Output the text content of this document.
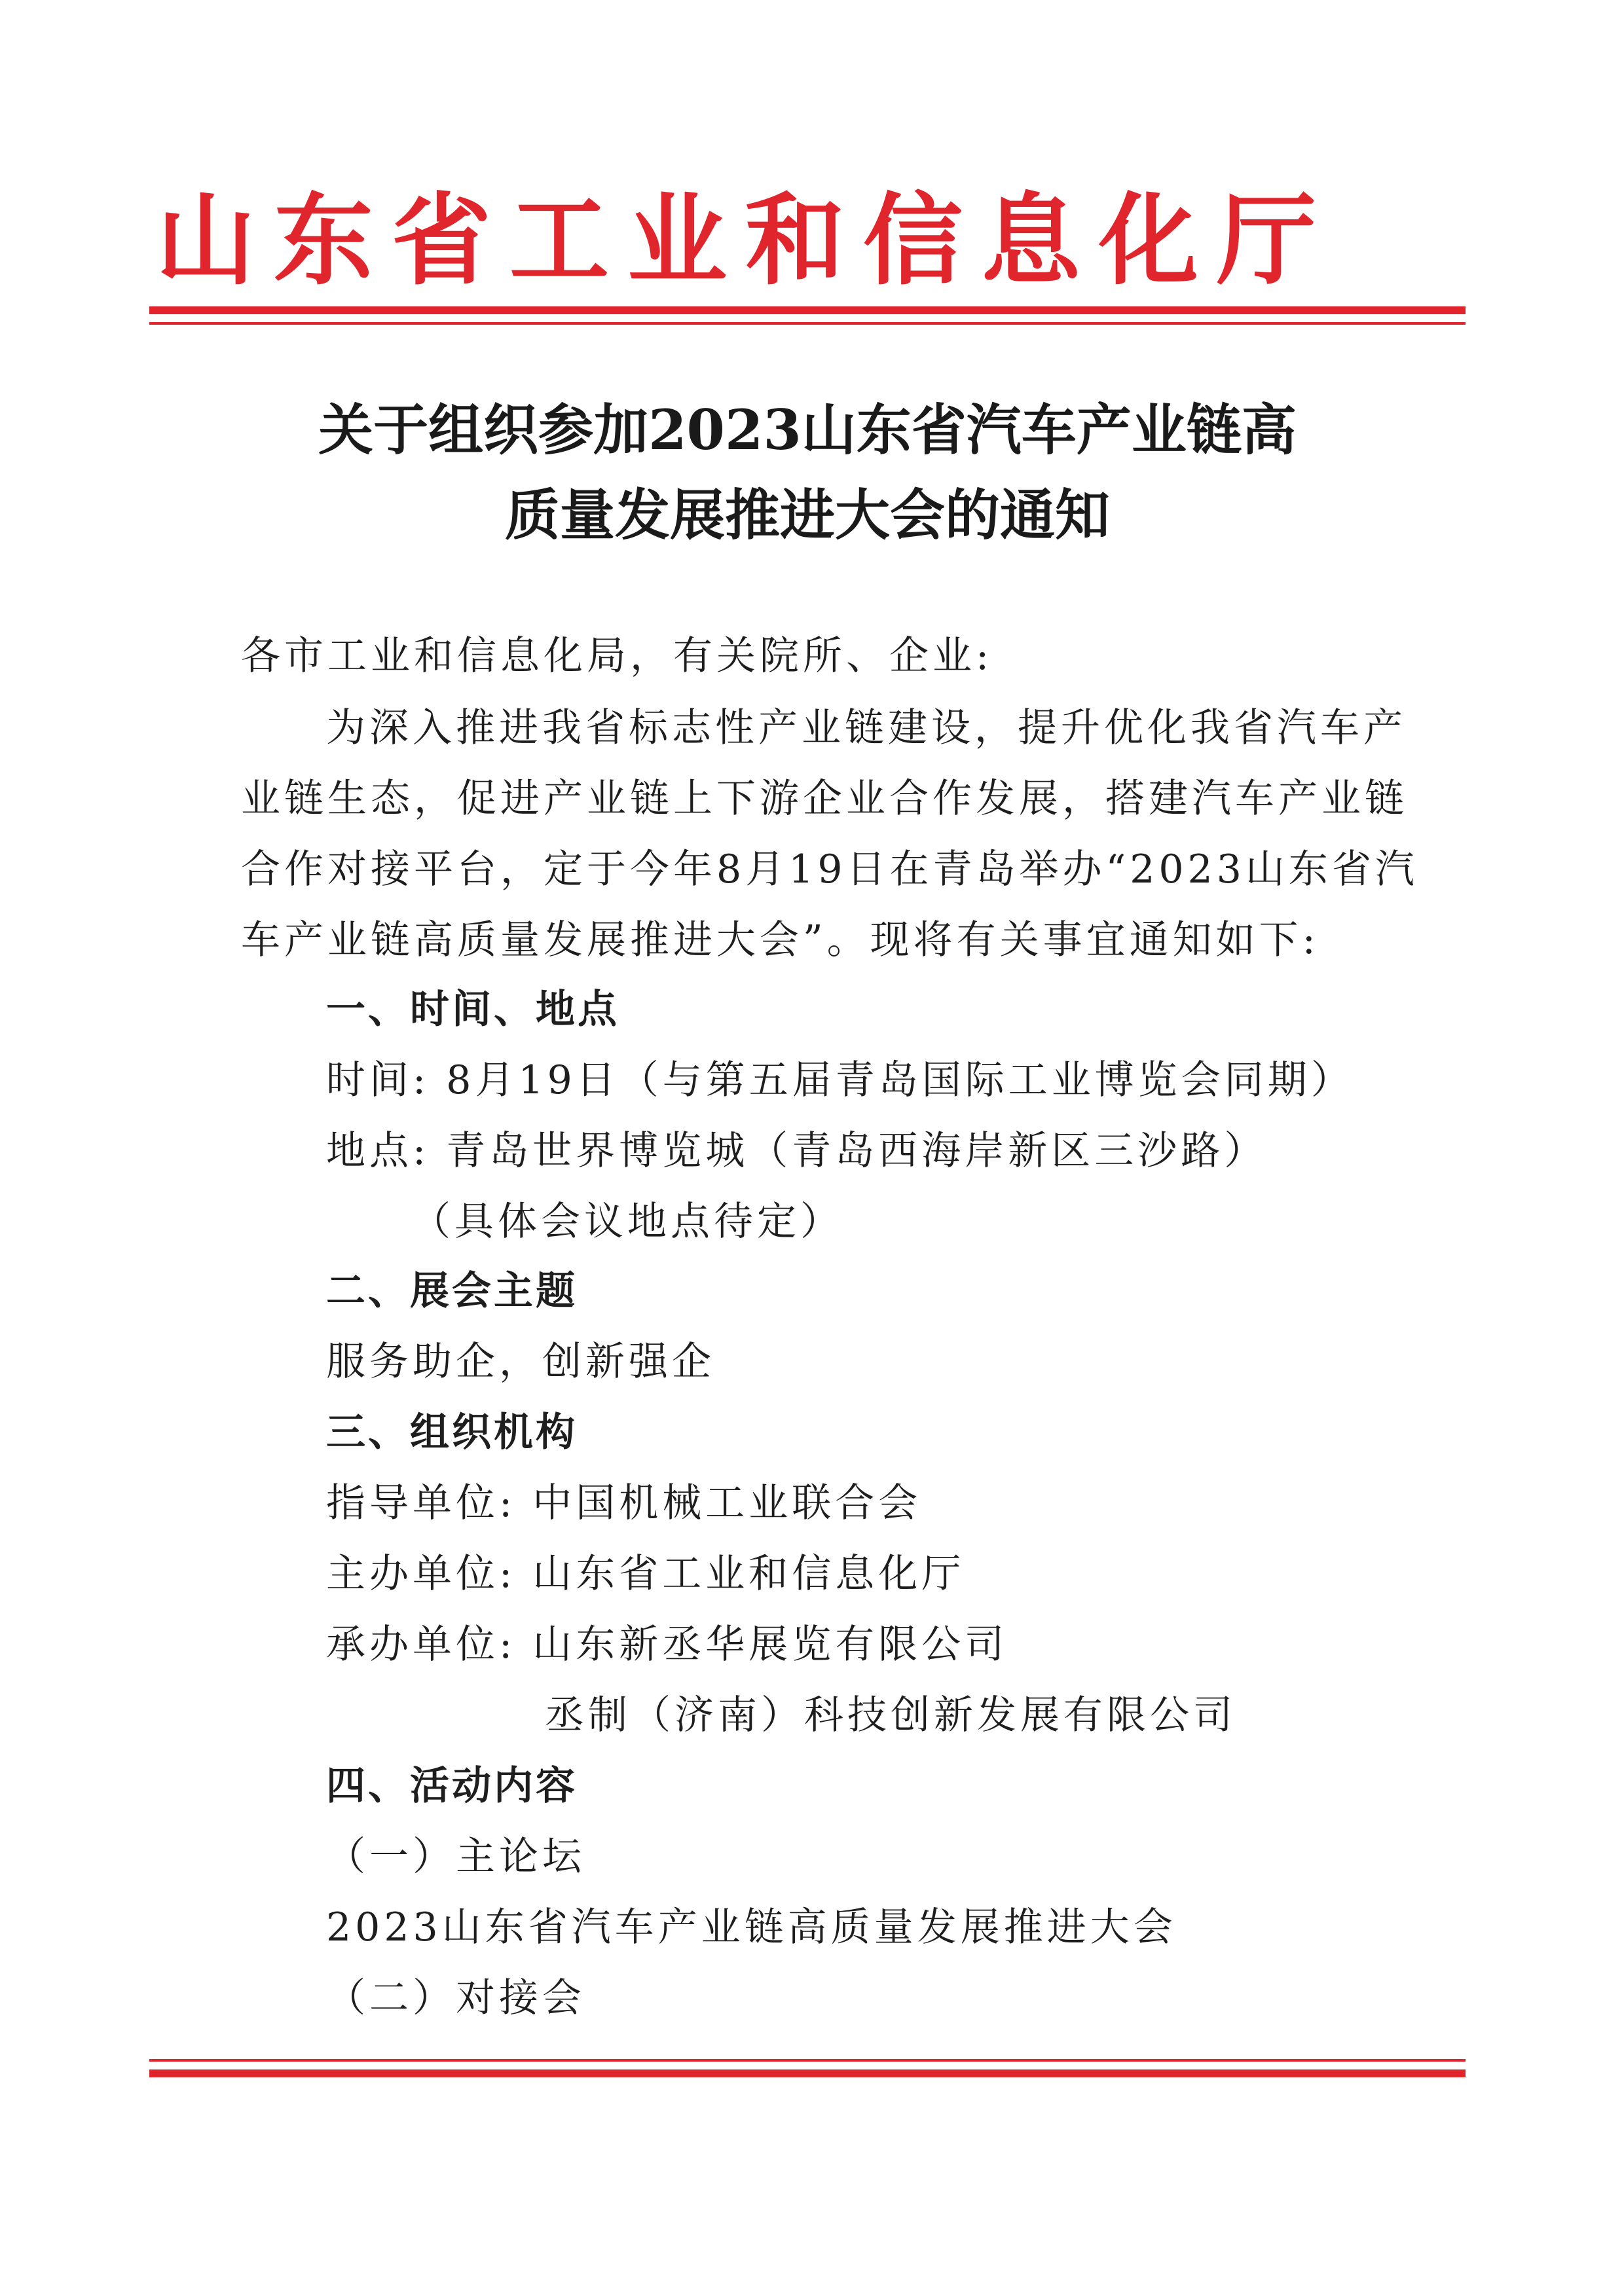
山东省工业和信息化厅
关于组织参加2023山东省汽车产业链高
质量发展推进大会的通知
各市工业和信息化局，有关院所、企业:
为深入推进我省标志性产业链建设，提升优化我省汽车产
业链生态，促进产业链上下游企业合作发展，搭建汽车产业链
合作对接平台，定于今年8月19日在青岛举办“2023山东省汽
车产业链高质量发展推进大会”。现将有关事宜通知如下:
一、时间、地点
时间: 8月19日（与第五届青岛国际工业博览会同期）
地点: 青岛世界博览城（青岛西海岸新区三沙路）
（具体会议地点待定）
二、展会主题
服务助企，创新强企
三、组织机构
指导单位: 中国机械工业联合会
主办单位: 山东省工业和信息化厅
承办单位: 山东新丞华展览有限公司
丞制（济南）科技创新发展有限公司
四、活动内容
（一）主论坛
2023山东省汽车产业链高质量发展推进大会
（二）对接会
